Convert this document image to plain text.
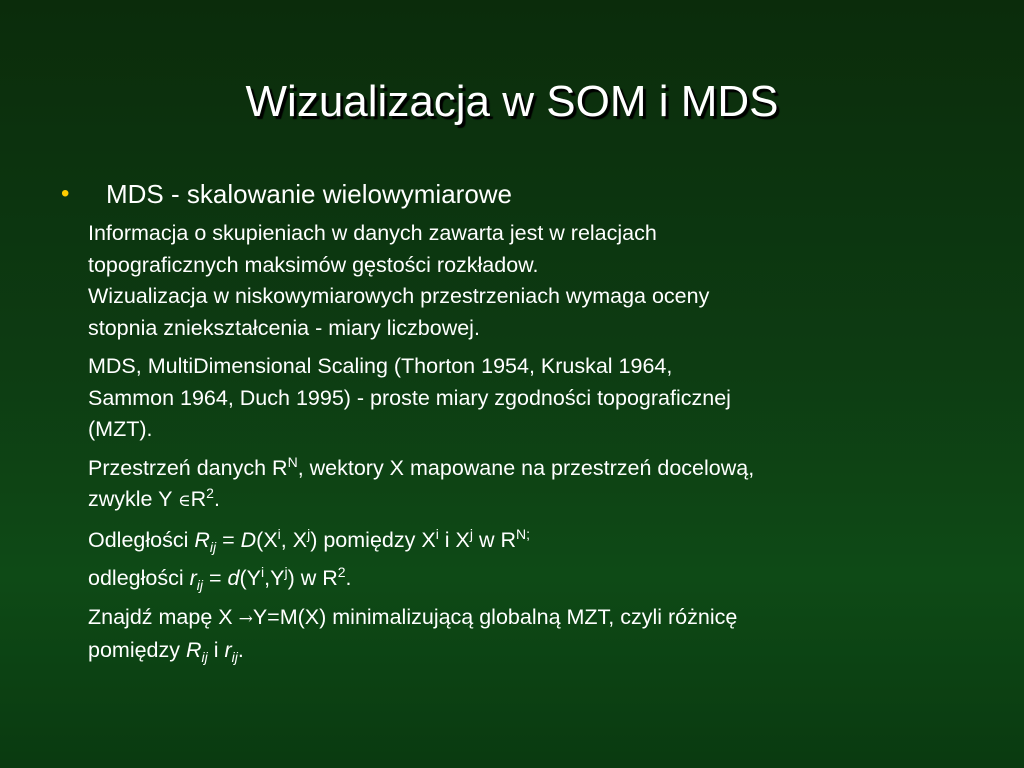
Wizualizacja w SOM i MDS
• MDS - skalowanie wielowymiarowe
Informacja o skupieniach w danych zawarta jest w relacjach
topograficznych maksimów gęstości rozkładow.
Wizualizacja w niskowymiarowych przestrzeniach wymaga oceny
stopnia zniekształcenia - miary liczbowej.
MDS, MultiDimensional Scaling (Thorton 1954, Kruskal 1964,
Sammon 1964, Duch 1995) - proste miary zgodności topograficznej
(MZT).
Przestrzeń danych $R^N$, wektory X mapowane na przestrzeń docelową,
zwykle Y $\in R^2$.
Odległości $R_{ij} = D(X^i$, $X^j$) pomiędzy $X^i$ i $X^j$ w $R^{N;}$
odległości $r_{ij} = d(Y^i,Y^j)$ w $R^2$.
Znajdź mapę X →Y=M(X) minimalizującą globalną MZT, czyli różnicę
pomiędzy $R_{ij}$ i $r_{ij}$.
